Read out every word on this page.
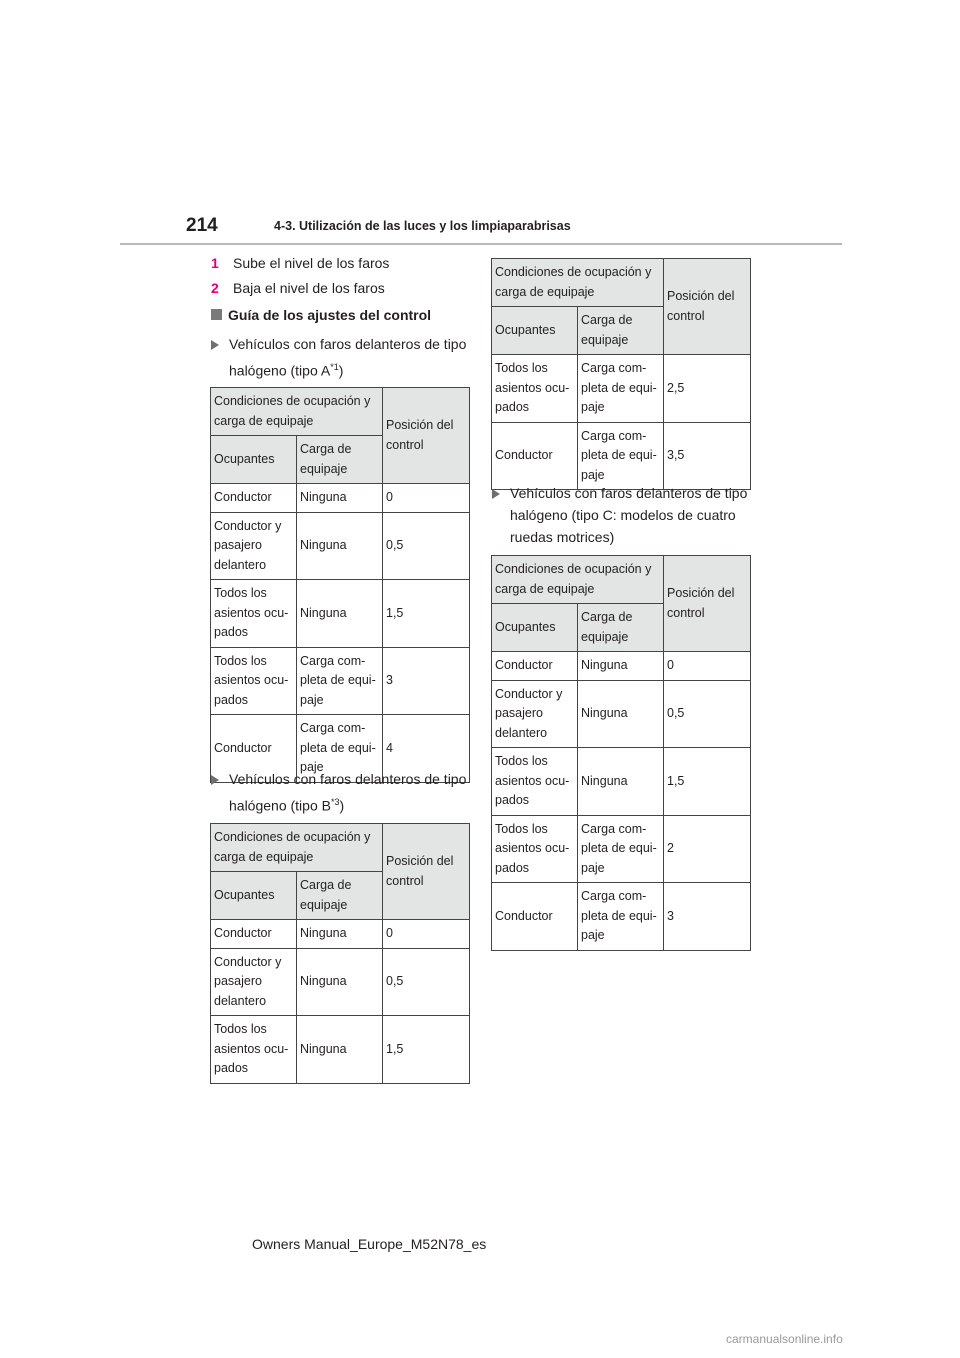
214	4-3. Utilización de las luces y los limpiaparabrisas
1 Sube el nivel de los faros
2 Baja el nivel de los faros
Guía de los ajustes del control
Vehículos con faros delanteros de tipo halógeno (tipo $A^{*1}$)
Condiciones de ocupación y carga de equipaje		Posición del control
Ocupantes	Carga de equipaje	
Conductor	Ninguna	0
Conductor y pasajero delantero	Ninguna	0,5
Todos los asientos ocu-pados	Ninguna	1,5
Todos los asientos ocu-pados	Carga com-pleta de equi-paje	3
Conductor	Carga com-pleta de equi-paje	4
Vehículos con faros delanteros de tipo halógeno (tipo $B^{*3}$)
Condiciones de ocupación y carga de equipaje		Posición del control
Ocupantes	Carga de equipaje	
Conductor	Ninguna	0
Conductor y pasajero delantero	Ninguna	0,5
Todos los asientos ocu-pados	Ninguna	1,5
Condiciones de ocupación y carga de equipaje		Posición del control
Ocupantes	Carga de equipaje	
Todos los asientos ocu-pados	Carga com-pleta de equi-paje	2,5
Conductor	Carga com-pleta de equi-paje	3,5
Vehículos con faros delanteros de tipo halógeno (tipo C: modelos de cuatro ruedas motrices)
Condiciones de ocupación y carga de equipaje		Posición del control
Ocupantes	Carga de equipaje	
Conductor	Ninguna	0
Conductor y pasajero delantero	Ninguna	0,5
Todos los asientos ocu-pados	Ninguna	1,5
Todos los asientos ocu-pados	Carga com-pleta de equi-paje	2
Conductor	Carga com-pleta de equi-paje	3
Owners Manual_Europe_M52N78_es
carmanualsonline.info
